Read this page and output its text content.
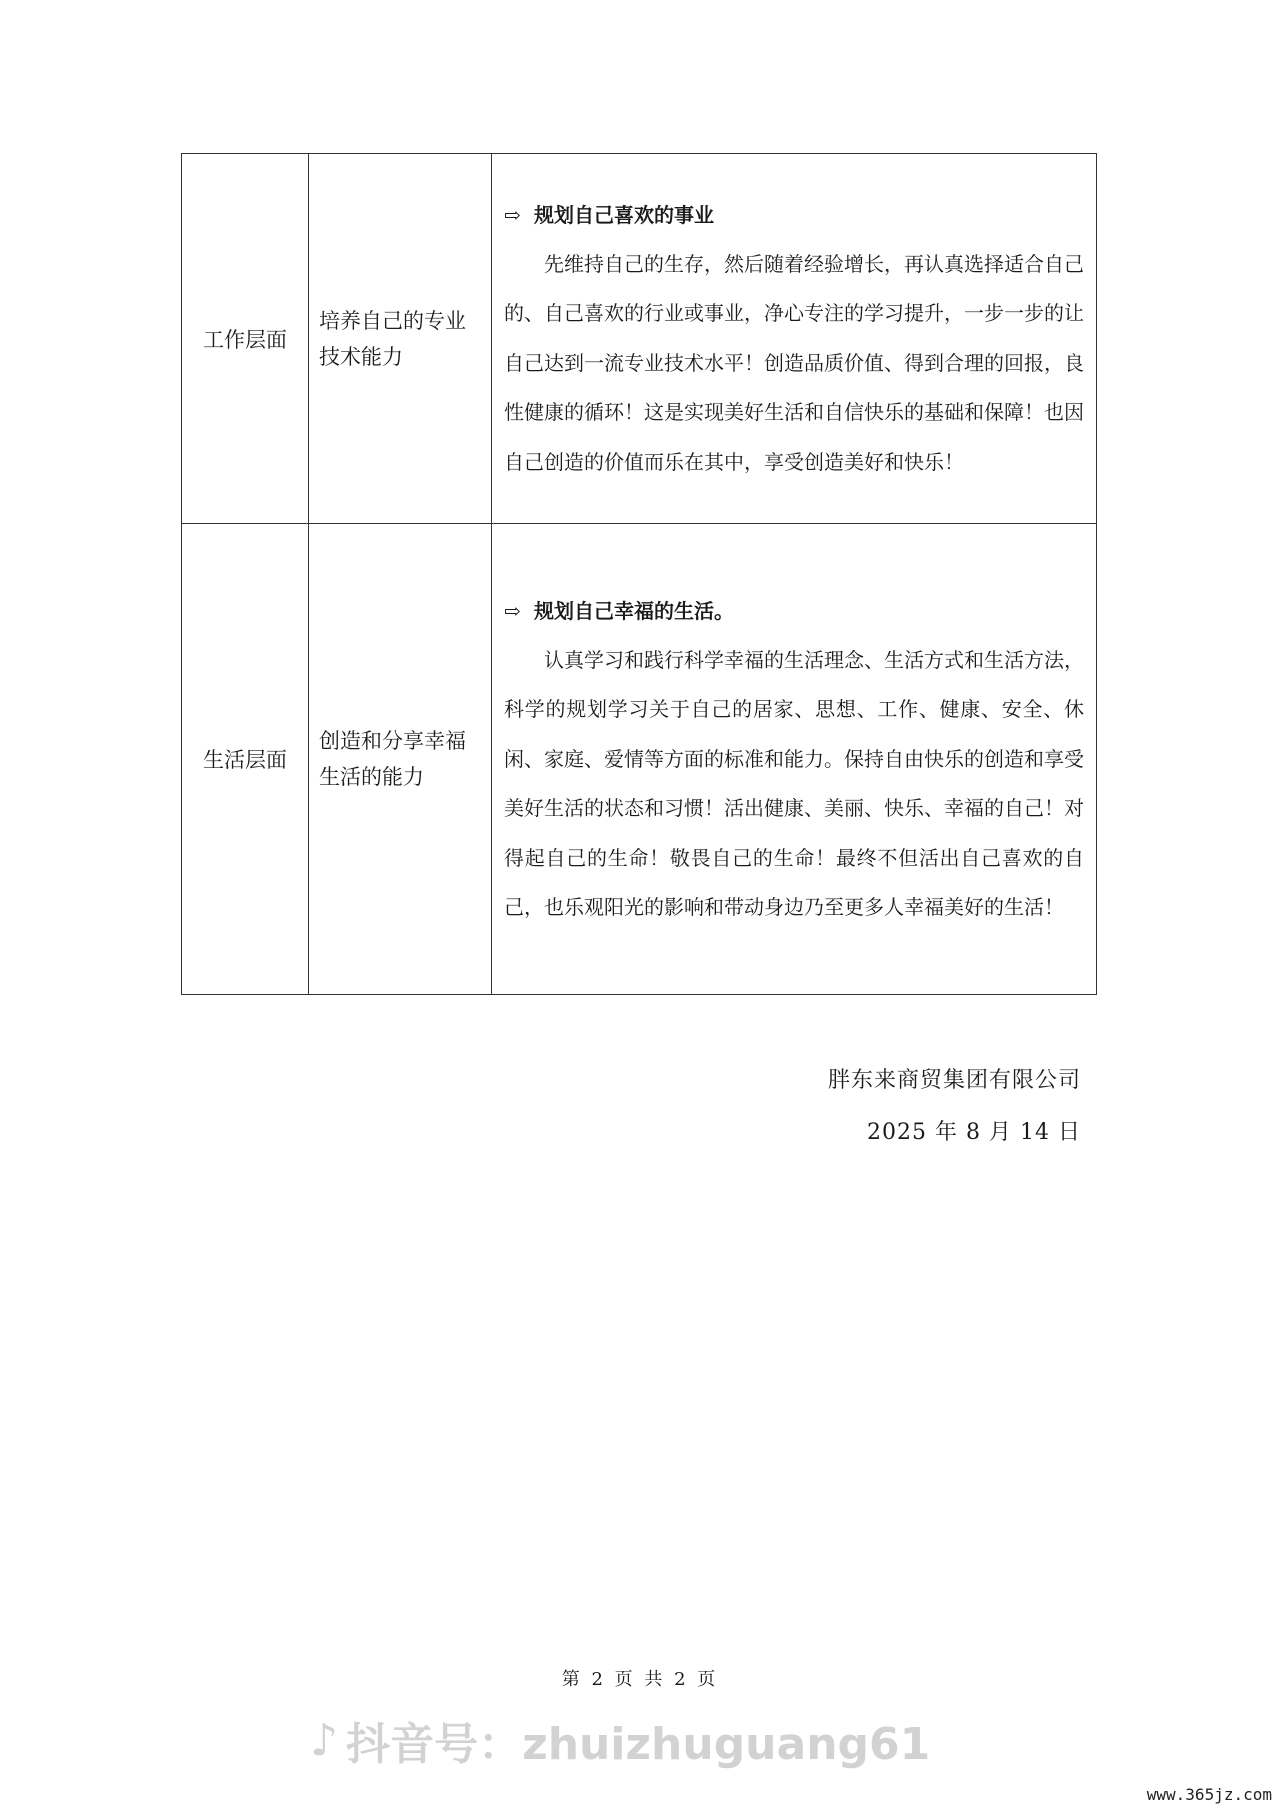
工作层面	培养自己的专业技术能力	⇨ 规划自己喜欢的事业

先维持自己的生存，然后随着经验增长，再认真选择适合自己的、自己喜欢的行业或事业，净心专注的学习提升，一步一步的让自己达到一流专业技术水平！创造品质价值、得到合理的回报，良性健康的循环！这是实现美好生活和自信快乐的基础和保障！也因自己创造的价值而乐在其中，享受创造美好和快乐！

生活层面	创造和分享幸福生活的能力	⇨ 规划自己幸福的生活。

认真学习和践行科学幸福的生活理念、生活方式和生活方法，科学的规划学习关于自己的居家、思想、工作、健康、安全、休闲、家庭、爱情等方面的标准和能力。保持自由快乐的创造和享受美好生活的状态和习惯！活出健康、美丽、快乐、幸福的自己！对得起自己的生命！敬畏自己的生命！最终不但活出自己喜欢的自己，也乐观阳光的影响和带动身边乃至更多人幸福美好的生活！

胖东来商贸集团有限公司
2025 年 8 月 14 日
第 2 页 共 2 页
♪ 抖音号：zhuizhuguang61
www.365jz.com
